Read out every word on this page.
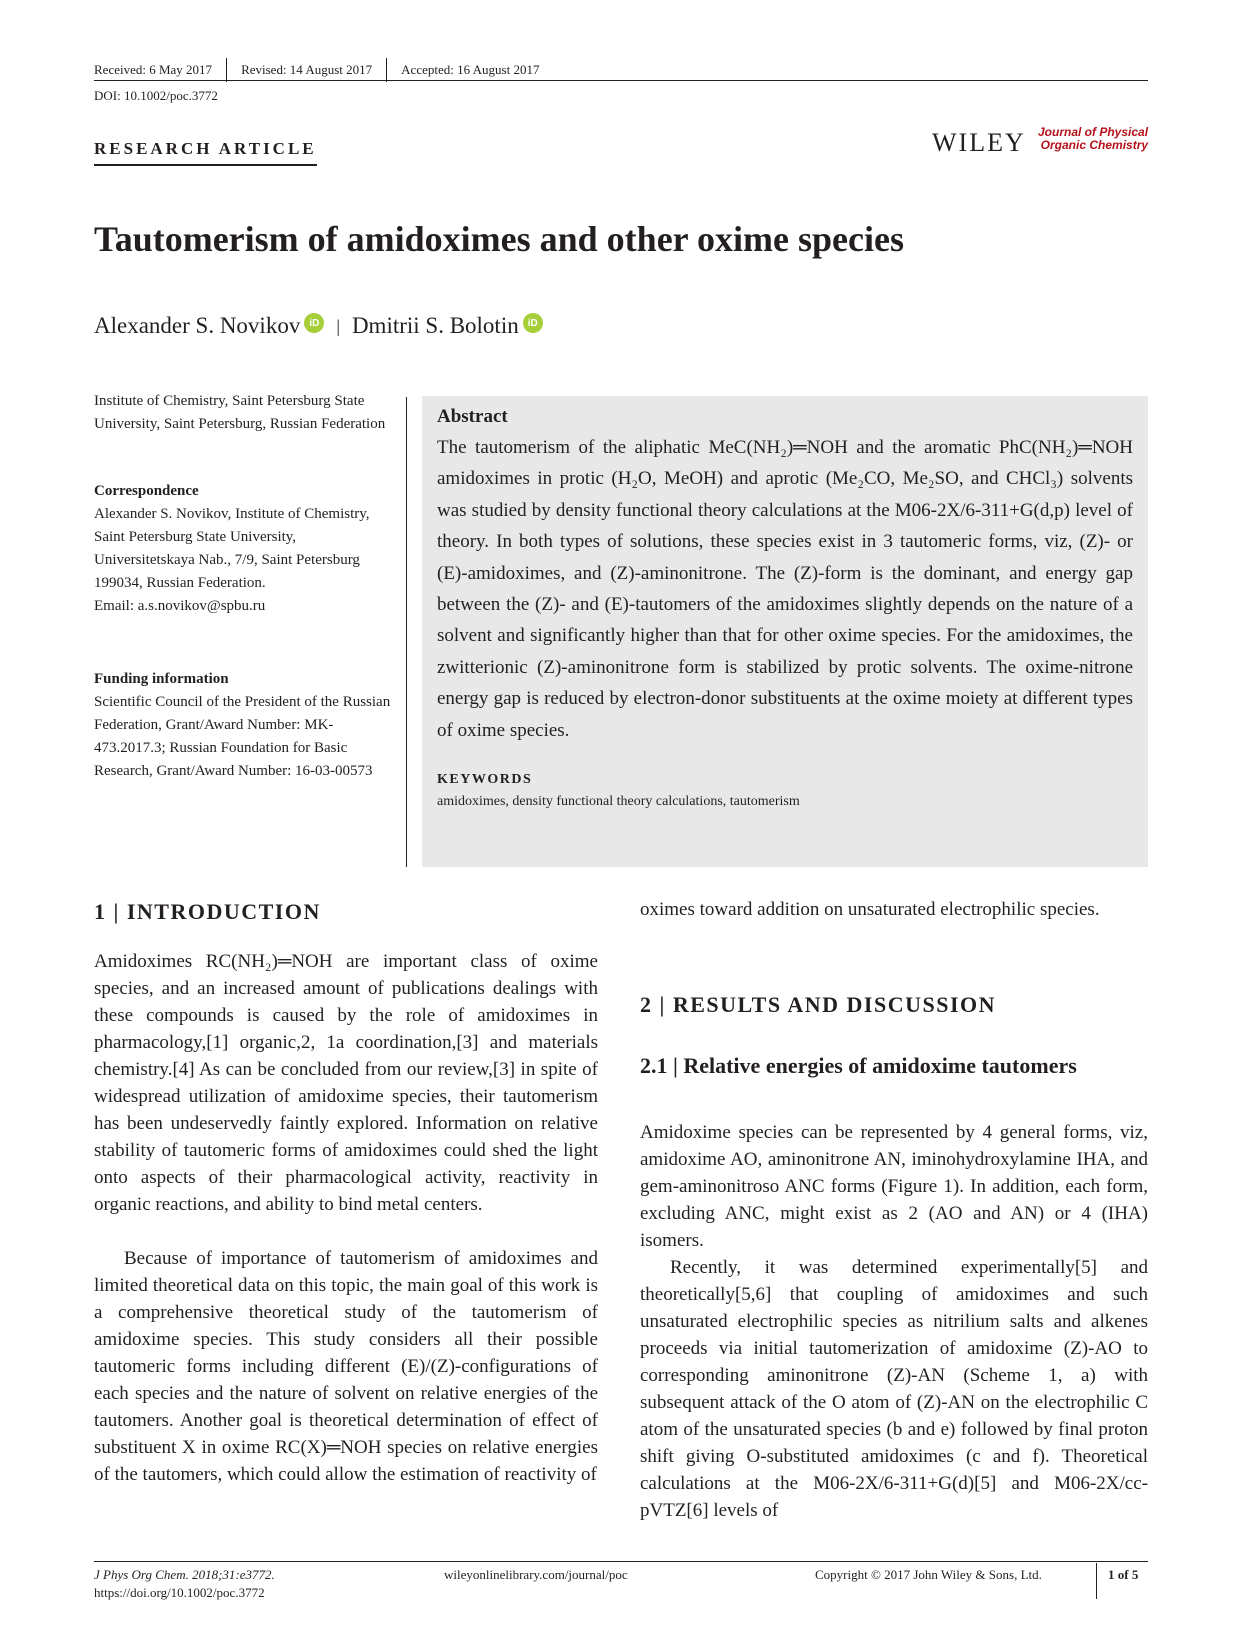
Received: 6 May 2017 Revised: 14 August 2017 Accepted: 16 August 2017
DOI: 10.1002/poc.3772
RESEARCH ARTICLE	WILEY Journal of Physical
Organic Chemistry
Tautomerism of amidoximes and other oxime species
Alexander S. Novikov iD | Dmitrii S. Bolotin iD
Institute of Chemistry, Saint Petersburg State University, Saint Petersburg, Russian Federation
Correspondence
Alexander S. Novikov, Institute of Chemistry, Saint Petersburg State University, Universitetskaya Nab., 7/9, Saint Petersburg 199034, Russian Federation.
Email: a.s.novikov@spbu.ru
Funding information
Scientific Council of the President of the Russian Federation, Grant/Award Number: MK-473.2017.3; Russian Foundation for Basic Research, Grant/Award Number: 16-03-00573
Abstract

The tautomerism of the aliphatic MeC(NH₂)═NOH and the aromatic PhC(NH₂)═NOH amidoximes in protic (H₂O, MeOH) and aprotic (Me₂CO, Me₂SO, and CHCl₃) solvents was studied by density functional theory calculations at the M06-2X/6-311+G(d,p) level of theory. In both types of solutions, these species exist in 3 tautomeric forms, viz, (Z)- or (E)-amidoximes, and (Z)-aminonitrone. The (Z)-form is the dominant, and energy gap between the (Z)- and (E)-tautomers of the amidoximes slightly depends on the nature of a solvent and significantly higher than that for other oxime species. For the amidoximes, the zwitterionic (Z)-aminonitrone form is stabilized by protic solvents. The oxime-nitrone energy gap is reduced by electron-donor substituents at the oxime moiety at different types of oxime species.

KEYWORDS
amidoximes, density functional theory calculations, tautomerism
1 | INTRODUCTION

Amidoximes RC(NH₂)═NOH are important class of oxime species, and an increased amount of publications dealings with these compounds is caused by the role of amidoximes in pharmacology,[1] organic,2, 1a coordination,[3] and materials chemistry.[4] As can be concluded from our review,[3] in spite of widespread utilization of amidoxime species, their tautomerism has been undeservedly faintly explored. Information on relative stability of tautomeric forms of amidoximes could shed the light onto aspects of their pharmacological activity, reactivity in organic reactions, and ability to bind metal centers.

Because of importance of tautomerism of amidoximes and limited theoretical data on this topic, the main goal of this work is a comprehensive theoretical study of the tautomerism of amidoxime species. This study considers all their possible tautomeric forms including different (E)/(Z)-configurations of each species and the nature of solvent on relative energies of the tautomers. Another goal is theoretical determination of effect of substituent X in oxime RC(X)═NOH species on relative energies of the tautomers, which could allow the estimation of reactivity of

oximes toward addition on unsaturated electrophilic species.

2 | RESULTS AND DISCUSSION
2.1 | Relative energies of amidoxime tautomers

Amidoxime species can be represented by 4 general forms, viz, amidoxime AO, aminonitrone AN, iminohydroxylamine IHA, and gem-aminonitroso ANC forms (Figure 1). In addition, each form, excluding ANC, might exist as 2 (AO and AN) or 4 (IHA) isomers.

Recently, it was determined experimentally[5] and theoretically[5,6] that coupling of amidoximes and such unsaturated electrophilic species as nitrilium salts and alkenes proceeds via initial tautomerization of amidoxime (Z)-AO to corresponding aminonitrone (Z)-AN (Scheme 1, a) with subsequent attack of the O atom of (Z)-AN on the electrophilic C atom of the unsaturated species (b and e) followed by final proton shift giving O-substituted amidoximes (c and f). Theoretical calculations at the M06-2X/6-311+G(d)[5] and M06-2X/cc-pVTZ[6] levels of

J Phys Org Chem. 2018;31:e3772.
https://doi.org/10.1002/poc.3772
wileyonlinelibrary.com/journal/poc	Copyright © 2017 John Wiley & Sons, Ltd.	1 of 5
